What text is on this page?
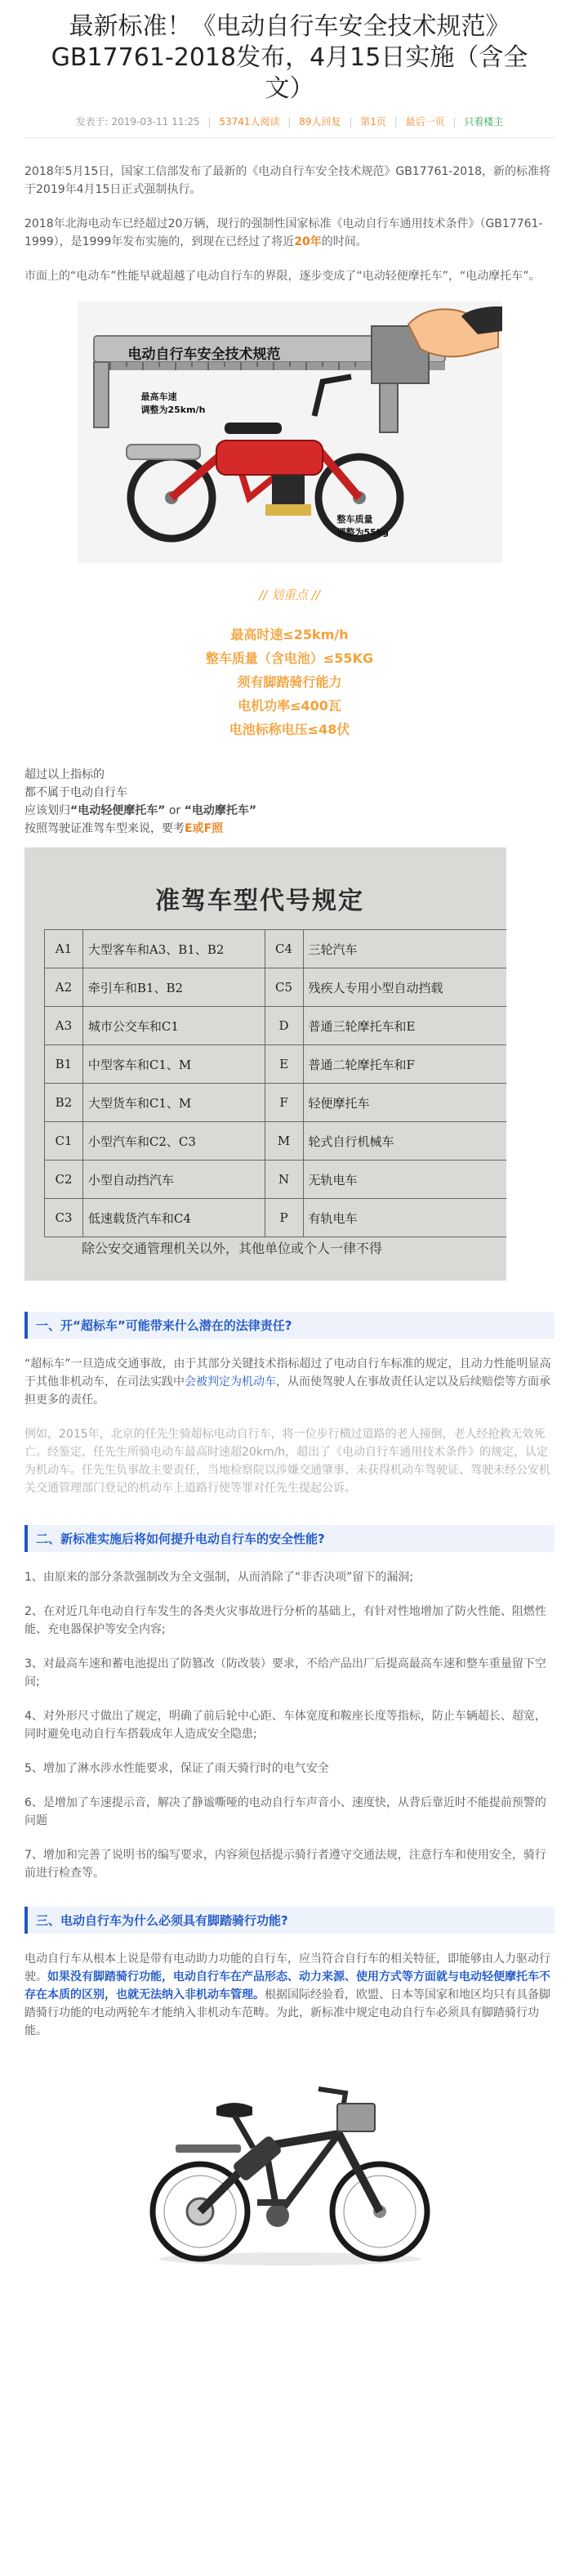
最新标准！《电动自行车安全技术规范》GB17761-2018发布，4月15日实施（含全文）
发表于: 2019-03-11 11:25 | 53741人阅读 | 89人回复 | 第1页 | 最后一页 | 只看楼主

2018年5月15日，国家工信部发布了最新的《电动自行车安全技术规范》GB17761-2018，新的标准将于2019年4月15日正式强制执行。

2018年北海电动车已经超过20万辆，现行的强制性国家标准《电动自行车通用技术条件》（GB17761-1999），是1999年发布实施的，到现在已经过了将近20年的时间。

市面上的“电动车”性能早就超越了电动自行车的界限，逐步变成了“电动轻便摩托车”，“电动摩托车”。

电动自行车安全技术规范
最高车速
调整为25km/h
整车质量
调整为55kg
// 划重点 //
最高时速≤25km/h
整车质量（含电池）≤55KG
须有脚踏骑行能力
电机功率≤400瓦
电池标称电压≤48伏

超过以上指标的

都不属于电动自行车

应该划归“电动轻便摩托车” or “电动摩托车”

按照驾驶证准驾车型来说，要考E或F照

准驾车型代号规定
A1	大型客车和A3、B1、B2	C4	三轮汽车
A2	牵引车和B1、B2	C5	残疾人专用小型自动挡载
A3	城市公交车和C1	D	普通三轮摩托车和E
B1	中型客车和C1、M	E	普通二轮摩托车和F
B2	大型货车和C1、M	F	轻便摩托车
C1	小型汽车和C2、C3	M	轮式自行机械车
C2	小型自动挡汽车	N	无轨电车
C3	低速载货汽车和C4	P	有轨电车
除公安交通管理机关以外，其他单位或个人一律不得
一、开“超标车”可能带来什么潜在的法律责任?

“超标车”一旦造成交通事故，由于其部分关键技术指标超过了电动自行车标准的规定，且动力性能明显高于其他非机动车，在司法实践中会被判定为机动车，从而使驾驶人在事故责任认定以及后续赔偿等方面承担更多的责任。

例如，2015年，北京的任先生骑超标电动自行车，将一位步行横过道路的老人撞倒，老人经抢救无效死亡。经鉴定，任先生所骑电动车最高时速超20km/h，超出了《电动自行车通用技术条件》的规定，认定为机动车。任先生负事故主要责任，当地检察院以涉嫌交通肇事、未获得机动车驾驶证、驾驶未经公安机关交通管理部门登记的机动车上道路行使等罪对任先生提起公诉。

二、新标准实施后将如何提升电动自行车的安全性能?

1、由原来的部分条款强制改为全文强制，从而消除了“非否决项”留下的漏洞;

2、在对近几年电动自行车发生的各类火灾事故进行分析的基础上，有针对性地增加了防火性能、阻燃性能、充电器保护等安全内容;

3、对最高车速和蓄电池提出了防篡改（防改装）要求，不给产品出厂后提高最高车速和整车重量留下空间;

4、对外形尺寸做出了规定，明确了前后轮中心距、车体宽度和鞍座长度等指标，防止车辆超长、超宽，同时避免电动自行车搭载成年人造成安全隐患;

5、增加了淋水涉水性能要求，保证了雨天骑行时的电气安全

6、是增加了车速提示音，解决了静谧嘶哑的电动自行车声音小、速度快，从背后靠近时不能提前预警的问题

7、增加和完善了说明书的编写要求，内容须包括提示骑行者遵守交通法规，注意行车和使用安全，骑行前进行检查等。

三、电动自行车为什么必须具有脚踏骑行功能?

电动自行车从根本上说是带有电动助力功能的自行车，应当符合自行车的相关特征，即能够由人力驱动行驶。如果没有脚踏骑行功能，电动自行车在产品形态、动力来源、使用方式等方面就与电动轻便摩托车不存在本质的区别，也就无法纳入非机动车管理。根据国际经验看，欧盟、日本等国家和地区均只有具备脚踏骑行功能的电动两轮车才能纳入非机动车范畴。为此，新标准中规定电动自行车必须具有脚踏骑行功能。
